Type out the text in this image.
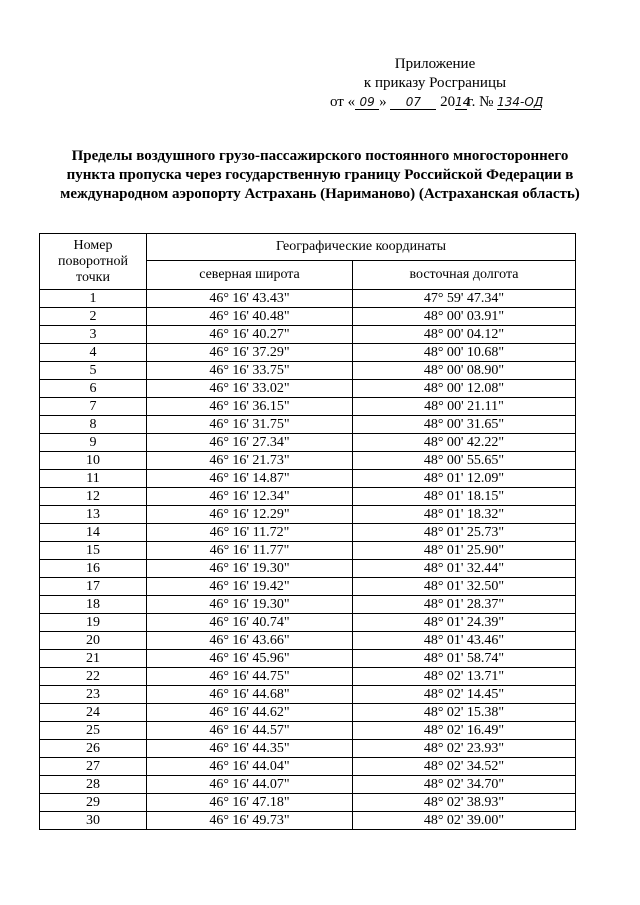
Приложение
к приказу Росграницы
от « 09 » 07 2014г. № 134-ОД
Пределы воздушного грузо-пассажирского постоянного многостороннего пункта пропуска через государственную границу Российской Федерации в международном аэропорту Астрахань (Нариманово) (Астраханская область)
Номер поворотной точки	Географические координаты	
	северная широта	восточная долгота
1	46° 16' 43.43"	47° 59' 47.34"
2	46° 16' 40.48"	48° 00' 03.91"
3	46° 16' 40.27"	48° 00' 04.12"
4	46° 16' 37.29"	48° 00' 10.68"
5	46° 16' 33.75"	48° 00' 08.90"
6	46° 16' 33.02"	48° 00' 12.08"
7	46° 16' 36.15"	48° 00' 21.11"
8	46° 16' 31.75"	48° 00' 31.65"
9	46° 16' 27.34"	48° 00' 42.22"
10	46° 16' 21.73"	48° 00' 55.65"
11	46° 16' 14.87"	48° 01' 12.09"
12	46° 16' 12.34"	48° 01' 18.15"
13	46° 16' 12.29"	48° 01' 18.32"
14	46° 16' 11.72"	48° 01' 25.73"
15	46° 16' 11.77"	48° 01' 25.90"
16	46° 16' 19.30"	48° 01' 32.44"
17	46° 16' 19.42"	48° 01' 32.50"
18	46° 16' 19.30"	48° 01' 28.37"
19	46° 16' 40.74"	48° 01' 24.39"
20	46° 16' 43.66"	48° 01' 43.46"
21	46° 16' 45.96"	48° 01' 58.74"
22	46° 16' 44.75"	48° 02' 13.71"
23	46° 16' 44.68"	48° 02' 14.45"
24	46° 16' 44.62"	48° 02' 15.38"
25	46° 16' 44.57"	48° 02' 16.49"
26	46° 16' 44.35"	48° 02' 23.93"
27	46° 16' 44.04"	48° 02' 34.52"
28	46° 16' 44.07"	48° 02' 34.70"
29	46° 16' 47.18"	48° 02' 38.93"
30	46° 16' 49.73"	48° 02' 39.00"
